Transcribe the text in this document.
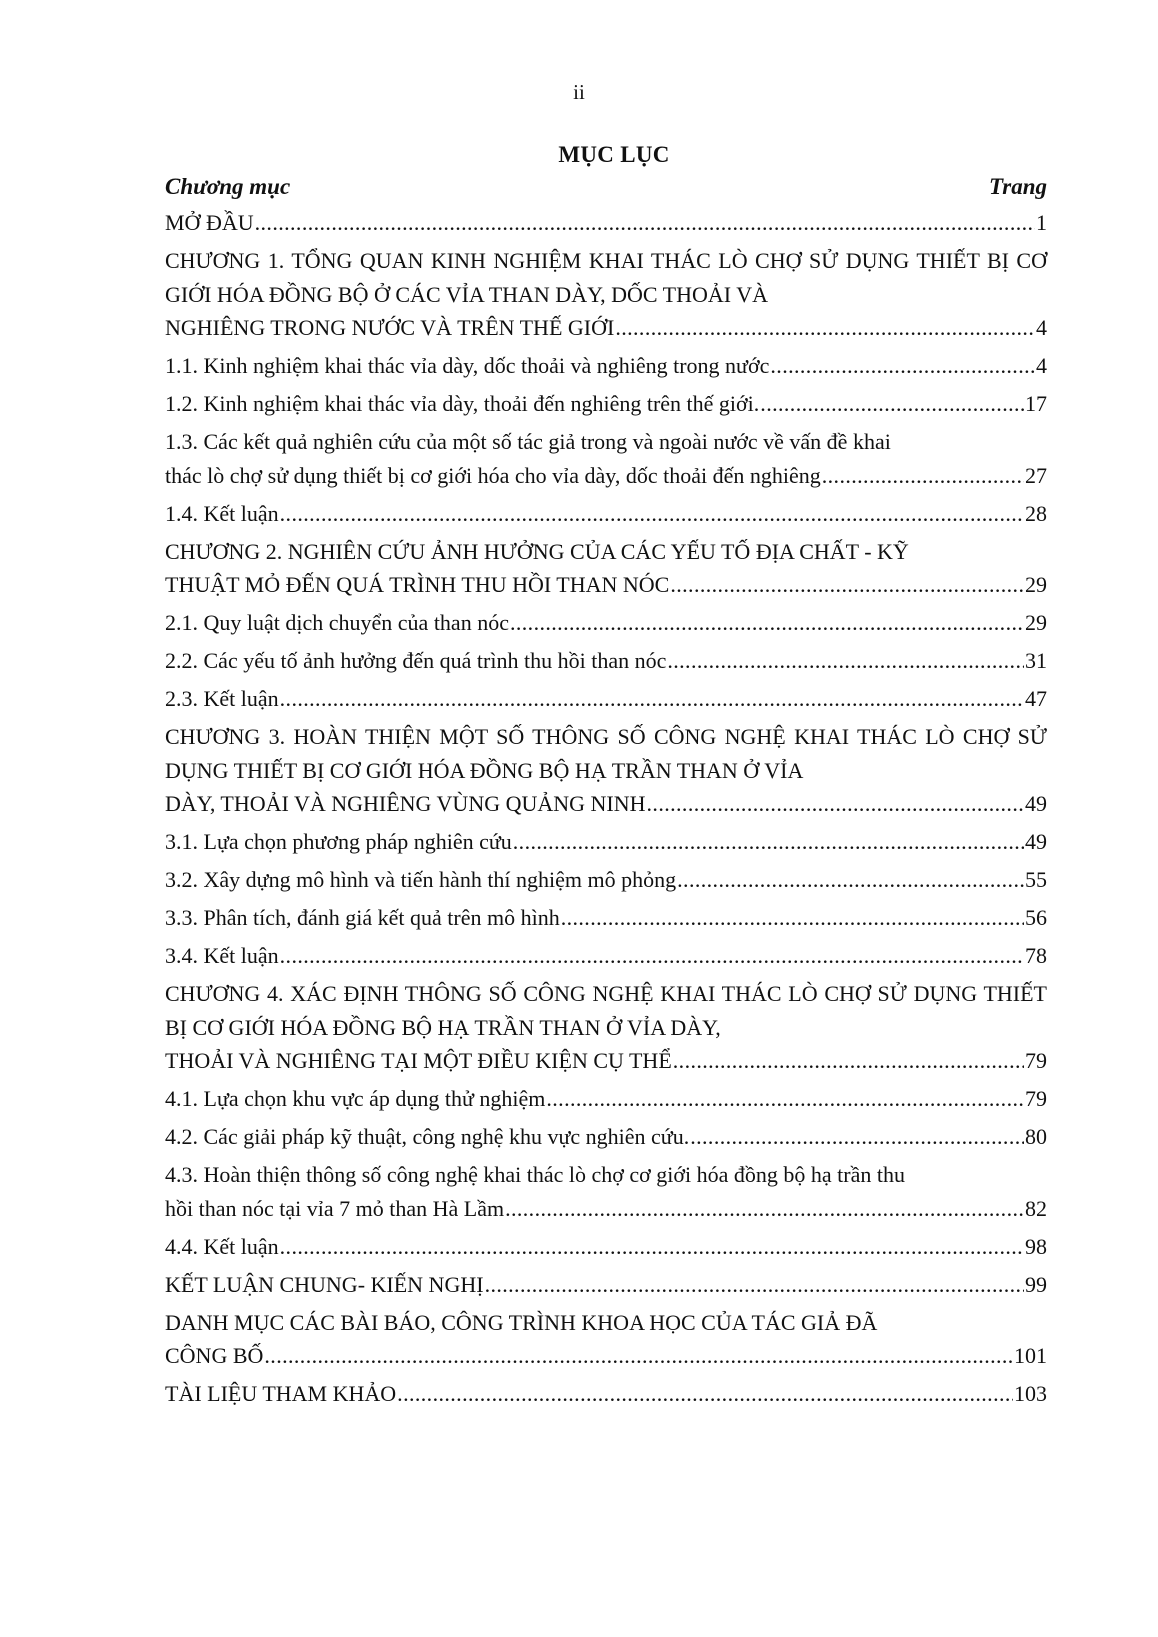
ii
MỤC LỤC
Chương mục	Trang
MỞ ĐẦU .....	1
CHƯƠNG 1. TỔNG QUAN KINH NGHIỆM KHAI THÁC LÒ CHỢ SỬ DỤNG THIẾT BỊ CƠ GIỚI HÓA ĐỒNG BỘ Ở CÁC VỈA THAN DÀY, DỐC THOẢI VÀ
NGHIÊNG TRONG NƯỚC VÀ TRÊN THẾ GIỚI .....	4
1.1. Kinh nghiệm khai thác vỉa dày, dốc thoải và nghiêng trong nước .....	4
1.2. Kinh nghiệm khai thác vỉa dày, thoải đến nghiêng trên thế giới. .....	17
1.3. Các kết quả nghiên cứu của một số tác giả trong và ngoài nước về vấn đề khai
thác lò chợ sử dụng thiết bị cơ giới hóa cho vỉa dày, dốc thoải đến nghiêng .....	27
1.4. Kết luận .....	28
CHƯƠNG 2. NGHIÊN CỨU ẢNH HƯỞNG CỦA CÁC YẾU TỐ ĐỊA CHẤT - KỸ
THUẬT MỎ ĐẾN QUÁ TRÌNH THU HỒI THAN NÓC .....	29
2.1. Quy luật dịch chuyển của than nóc .....	29
2.2. Các yếu tố ảnh hưởng đến quá trình thu hồi than nóc .....	31
2.3. Kết luận .....	47
CHƯƠNG 3. HOÀN THIỆN MỘT SỐ THÔNG SỐ CÔNG NGHỆ KHAI THÁC LÒ CHỢ SỬ DỤNG THIẾT BỊ CƠ GIỚI HÓA ĐỒNG BỘ HẠ TRẦN THAN Ở VỈA
DÀY, THOẢI VÀ NGHIÊNG VÙNG QUẢNG NINH .....	49
3.1. Lựa chọn phương pháp nghiên cứu .....	49
3.2. Xây dựng mô hình và tiến hành thí nghiệm mô phỏng .....	55
3.3. Phân tích, đánh giá kết quả trên mô hình .....	56
3.4. Kết luận .....	78
CHƯƠNG 4. XÁC ĐỊNH THÔNG SỐ CÔNG NGHỆ KHAI THÁC LÒ CHỢ SỬ DỤNG THIẾT BỊ CƠ GIỚI HÓA ĐỒNG BỘ HẠ TRẦN THAN Ở VỈA DÀY,
THOẢI VÀ NGHIÊNG TẠI MỘT ĐIỀU KIỆN CỤ THỂ .....	79
4.1. Lựa chọn khu vực áp dụng thử nghiệm .....	79
4.2. Các giải pháp kỹ thuật, công nghệ khu vực nghiên cứu. .....	80
4.3. Hoàn thiện thông số công nghệ khai thác lò chợ cơ giới hóa đồng bộ hạ trần thu
hồi than nóc tại vỉa 7 mỏ than Hà Lầm .....	82
4.4. Kết luận .....	98
KẾT LUẬN CHUNG- KIẾN NGHỊ .....	99
DANH MỤC CÁC BÀI BÁO, CÔNG TRÌNH KHOA HỌC CỦA TÁC GIẢ ĐÃ
CÔNG BỐ .....	101
TÀI LIỆU THAM KHẢO .....	103
